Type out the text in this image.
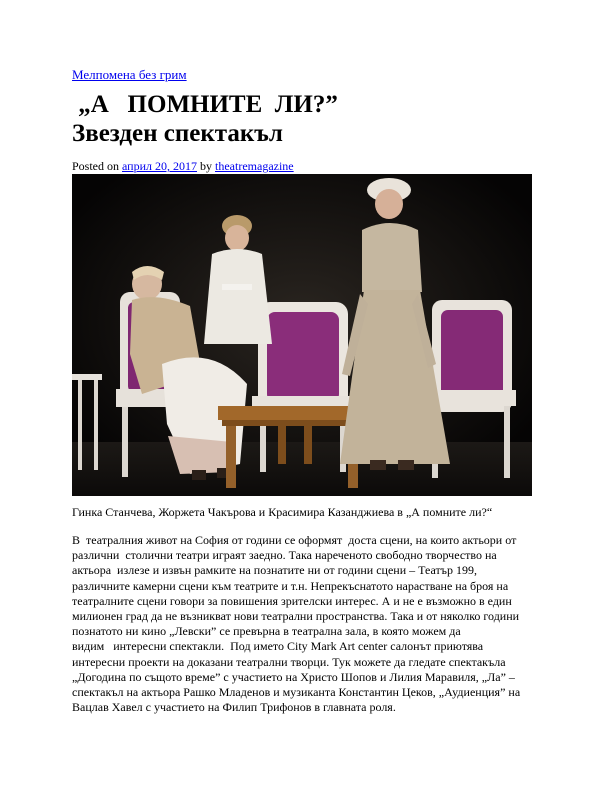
Мелпомена без грим
„А   ПОМНИТЕ  ЛИ?”
Звезден спектакъл
Posted on април 20, 2017 by theatremagazine
Гинка Станчева, Жоржета Чакърова и Красимира Казанджиева в „А помните ли?“
В  театралния живот на София от години се оформят  доста сцени, на които актьори от
различни  столични театри играят заедно. Така нареченото свободно творчество на
актьора  излезе и извън рамките на познатите ни от години сцени – Театър 199,
различните камерни сцени към театрите и т.н. Непрекъснатото нарастване на броя на
театралните сцени говори за повишения зрителски интерес. А и не е възможно в един
милионен град да не възникват нови театрални пространства. Така и от няколко години
познатото ни кино „Левски” се превърна в театрална зала, в която можем да
видим   интересни спектакли.  Под името City Mark Art center салонът приютява
интересни проекти на доказани театрални творци. Тук можете да гледате спектакъла
„Догодина по същото време” с участието на Христо Шопов и Лилия Маравиля, „Ла” –
спектакъл на актьора Рашко Младенов и музиканта Константин Цеков, „Аудиенция” на
Вацлав Хавел с участието на Филип Трифонов в главната роля.
